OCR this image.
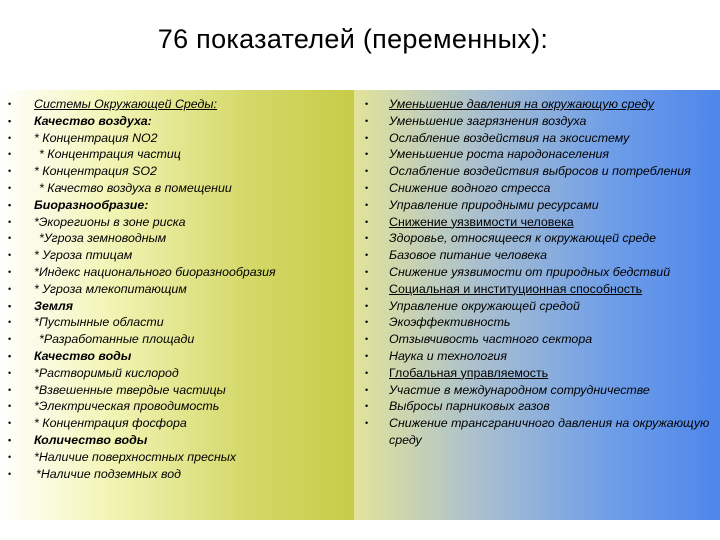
76 показателей (переменных):
• Системы Окружающей Среды:
• Качество воздуха:
• * Концентрация NO2
• * Концентрация частиц
• * Концентрация SO2
• * Качество воздуха в помещении
• Биоразнообразие:
• *Экорегионы в зоне риска
• *Угроза земноводным
• * Угроза птицам
• *Индекс национального биоразнообразия
• * Угроза млекопитающим
• Земля
• *Пустынные области
• *Разработанные площади
• Качество воды
• *Растворимый кислород
• *Взвешенные твердые частицы
• *Электрическая проводимость
• * Концентрация фосфора
• Количество воды
• *Наличие поверхностных пресных
• *Наличие подземных вод
• Уменьшение давления на окружающую среду
• Уменьшение загрязнения воздуха
• Ослабление воздействия на экосистему
• Уменьшение роста народонаселения
• Ослабление воздействия выбросов и потребления
• Снижение водного стресса
• Управление природными ресурсами
• Снижение уязвимости человека
• Здоровье, относящееся к окружающей среде
• Базовое питание человека
• Снижение уязвимости от природных бедствий
• Социальная и институционная способность
• Управление окружающей средой
• Экоэффективность
• Отзывчивость частного сектора
• Наука и технология
• Глобальная управляемость
• Участие в международном сотрудничестве
• Выбросы парниковых газов
• Снижение трансграничного давления на окружающую среду
